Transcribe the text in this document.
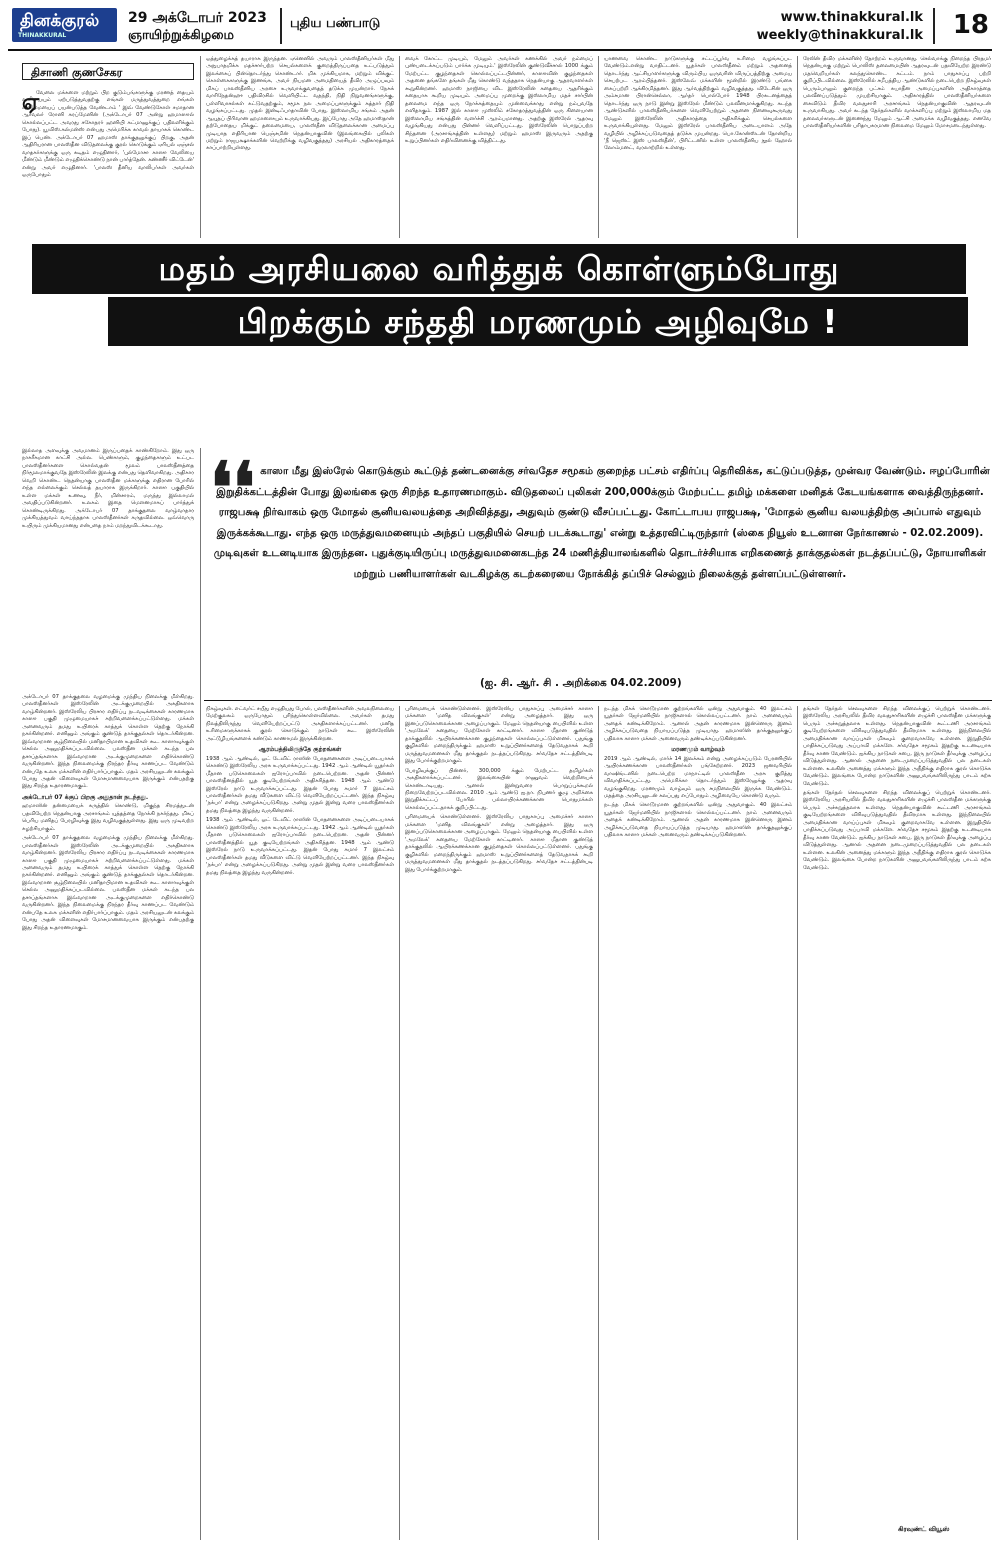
தினக்குரல்
THINAKKURAL
29 அக்டோபர் 2023
ஞாயிற்றுக்கிழமை
புதிய பண்பாடு	www.thinakkural.lk
weekly@thinakkural.lk 18
திசாணி குணசேகர
ஏ

வேலை மக்களை மற்றும் பிற குடும்பங்களுக்கு மரணத் தையும் வலியையும் ஏற்படுத்துவதற்கு எங்கள் மருத்துவத்துறை எங்கள் வலிமையைப் பயன்படுத்த வேண்டாம் ' இவ் வேண்டுகோள் சமாதான ஆர்வலர் ரோனி கரப்மேனின் (அக்டோபர் 07 அன்று ஹமாஸால் கொல்லப்பட்ட அவரது சகோதரர் ஹனியி கட்மானுக்குப் பதிலளிக்கும் போது). யூவிஸ்.கல்மன்ஸ் என்பது அமெரிக்க காவல் தாயாகக் கொண்ட இப் பெண். அக்டோபர் 07 ஹமாஸ் தாக்குதலுக்குப் பிறகு, அதன் ஆதிரியரான பாலஸ்தீன விடுதலைக்கு குரல் கொடுக்கும் ஏரியல் ஏஞ்சல் வாதகர்களுக்கு ஒரு கடிதம் எழுதினார், 'புல்மோசா காஸா வேலியை மீண்டும் மீண்டும் எழுதிக்கொண்டு நான் பார்த்தேன். கண்ணீர் விட்டேன்' என்று அவர் எழுதினார். 'பாலஸ் தீனிய வாலிபர்கள் அவர்கள் ஒருபோதும்

ஒத்துழைக்கத் தயாராக இருந்தன. ஏனெனில் அவரும் பாலஸ்தீனியர்கள் மீது அநுபாதமிக்க மதச்சார்பற்ற செயல்களைக் குறைத்திருப்பதை உட்படுத்தும் இலக்கைப் பின்தொடர்ந்து கொண்டார். மிக முக்கியமாக, மற்றும் விக்குட் கொள்கைகளுக்கு இணங்க, அவர் நியமன அமைதியைத் தீவிர அழுப்பவும் மிகப் பாலஸ்தீனிய அரசை உருவாக்குவதைத் தடுக்க முயன்றார். நேசுக் வாரிநேதன்ஹு பதிவிரசில் வெளியிட்ட வதந்தி, நிதி நிறுவனங்களுக்கு, பள்ளிவாசல்கள் கட்டுவதற்கும், சமூக நல அமைப்புகளுக்கும் கத்தார் நிதி வழங்கப்பட்டது. முதல் இன்டிஃபாதாவின் போது, இஸ்லாமிய சங்கம் அதன் ஆயுதப் பிரிவான ஹமாஸையும் உருவாக்கியது. இப்போது அதே ஹமாஸ்தான் தற்போதைய மிக்குட் தலைமையை, பாலஸ்தீன விடுதலைக்கான அமைப்பு முடியாத எதிரியான பெஞ்சமின் நெதன்யாகுவின் (இலங்கையில் புலிகள் மற்றும் ராஜபக்ஷாக்களின் வெற்றிக்கு வழிவகுத்தது) அரசியல் அதிகாரத்தைக் காப்பாற்றியுள்ளது.

வைக் கோட்ட முடியும், மேலும் அவர்கள் கணக்கில் அவர் நம்மைப் புண்படைக்கப்படும் பார்க்க முடியும்.' இஸ்ரேலின் குண்டுவீச்சால் 1000 க்கும் மேற்பட்ட குழந்தைகள் கொல்லப்பட்டபின்னர், காஸாவின் குழந்தைகள் அதனை தங்களே தங்கள் மீது கொண்டு வந்ததாக நெதன்யாகு ஆதரவாளர்கள் கூறுகின்றனர். ஹமாஸ் நாஜியை விட இஸ்ரேலின் கதையை ஆதரிக்கும் கதையாக கூறிய முடியும். அமைப்பு முறைக்கு இஸ்லாமிய மதச் சார்பின் தலைமை எந்த ஒரு நோக்கத்தையும் முன்வைக்காது என்று நம்புவதே எளிதாகும். 1987 இல் காஸா முஸ்லிம் சகோதரத்துவத்தின் ஒரு கிளையான இஸ்லாமிய சங்கத்தின் வளர்ச்சி ஆரம்பமானது. அதற்கு இஸ்ரேல் ஆதரவு வழங்கியது என்பது பின்னர் வெளிப்பட்டது. இஸ்ரேலின் பொறுப்பற்ற சிந்தனை (அரசாங்கத்தின் உள்ளது) மற்றும் ஹமாஸ் இருவரும் அதற்கு உறுப்பினர்கள் எதிர்வினைக்கு வித்திட்டது.

யாணவை கொண்ட நாடுகளுக்கு சட்டப்பூர்வ உரிமை வழங்கப்பட வேண்டும்.என்று வாதிட்டனர். யூதர்கள் பாலஸ்தீனம் மற்றும் அதனைத் தொடர்ந்து ஆட்சியாளர்களுக்கு விரும்பிய ஒருவரின் விருப்பத்திற்கு அமைய செயற்பட ஆரம்பித்தனர். இஸ்லேவ் மக்களின் மூன்றில் இரண்டு பங்கை கைப்பற்றி ஆக்கிரமித்தனர். இது ஆர்வத்திற்கும் வழிவகுத்தது. விடேசின் ஒரு அம்சமான பிரான்செல்லா, ஆர்தர் பொல்போர் 1948 பிரகடனத்தைத் தொடர்ந்து ஒரு நாடு இன்று இஸ்ரேல் மீண்டும் பலவீனமாக்குகிறது. கடந்த ஆண்டுகளில் பாலஸ்தீனியர்களை வெளியேற்றும் அதனை நினைவுகூருவது மேலும் இஸ்ரேலின் அதிகாரத்தை அதிகரிக்கும் செயல்களை உருவாக்கியுள்ளது. மேலும் இஸ்ரேல் பாலஸ்தீனிய அடையாளம் அதே வழியில் அழிக்கப்படுவதைத் தடுக்க முயன்றது. பொ.கோன்ஸ்டன் தோன்றிய 'நீ ஜெஸ்ட் இஸ் பாலஸ்தீன்', பிரிட்டனில் உள்ள பாலஸ்தீனிய நூல் ஹோல் லோம்மனட், வரலாற்றில் உள்ளது.

ரேலின் தீவிர மக்களின்) தோற்றம் உருவானது. செல்வாக்கு நிறைந்த பிரதமர் நெதன்யாகு மற்றும் பொலிஸ் தலைமையின் ஆதரவுடன் பதவியேற்ற இரண்டு மதவெறியர்கள் கலந்துகொண்ட கட்டம். நாம் பாதுகாப்பு பற்றி குறிப்பிடவில்லை. இஸ்ரேலில் சமீபத்திய ஆண்டுகளில் நடைபெற்ற நிகழ்வுகள் பெரும்பாலும் குறைந்த பட்சம் சுயாதீன அமைப்புகளின் அதிகாரத்தை பலவீனப்படுத்தும் முயற்சியாகும். அதிகாரத்தில் பாலஸ்தீனியர்களை கைவிடும் தீவிர வலதுசாரி அரசாங்கம் நெதன்யாகுவின் ஆதரவுடன் உருவாகியது. அவர் கடந்த தேர்தல்களில் வாக்களிப்பு மற்றும் இஸ்லாமிய மத தலைவர்களுடன் இணைந்து மேலும் ஆட்சி அமைக்க வழிவகுத்தது. எனவே பாலஸ்தீனியர்களின் பரிதாபகரமான நிலைமை மேலும் மோசமடைந்துள்ளது.

மதம் அரசியலை வரித்துக் கொள்ளும்போது
பிறக்கும் சந்ததி மரணமும் அழிவுமே !

இல்லாத அளவுக்கு அவமானம் இருப்பதைக் காண்கிறோம். இது ஒரு நாகரீகமான காட்சி அல்ல. பெண்களும், குழந்தைகளும் உட்பட பாலஸ்தீனர்களை கொல்வதன் மூலம் பாலஸ்தீனத்தை நிர்மூலமாக்குவதே இஸ்ரேலின் இலக்கு என்பது தெளிவாகிறது. அதிகார வெறி கொண்ட நெதன்யாகு பாலஸ்தீன மக்களுக்கு எதிரான போரில் எந்த எல்லைக்கும் செல்லத் தயாராக இருக்கிறார். காஸா பகுதியில் உள்ள மக்கள் உணவு, நீர், மின்சாரம், மருந்து இல்லாமல் அவதிப்படுகின்றனர். உலகம் இதை மௌனமாகப் பார்த்துக் கொண்டிருக்கிறது. அக்டோபர் 07 தாக்குதலை வாழ்வாதார முக்கியத்துவம் வாய்ந்ததாக பாலஸ்தீனர்கள் கருதவில்லை. ஒவ்வொரு உயிரும் முக்கியமானது என்பதை நாம் மறந்துவிடக்கூடாது. ❛❛ காஸா மீது இஸ்ரேல் கொடுக்கும் கூட்டுத் தண்டனைக்கு சர்வதேச சமூகம் குறைந்த பட்சம் எதிர்ப்பு தெரிவிக்க, கட்டுப்படுத்த, முன்வர வேண்டும். ஈழப்போரின் இறுதிக்கட்டத்தின் போது இலங்கை ஒரு சிறந்த உதாரணமாகும். விடுதலைப் புலிகள் 200,000க்கும் மேற்பட்ட தமிழ் மக்களை மனிதக் கேடயங்களாக வைத்திருந்தனர். ராஜபக்ஷ நிர்வாகம் ஒரு மோதல் சூனியவலயத்தை அறிவித்தது, அதுவும் குண்டு வீசப்பட்டது. கோட்டாபய ராஜபக்ஷ, 'மோதல் சூனிய வலயத்திற்கு அப்பால் எதுவும் இருக்கக்கூடாது. எந்த ஒரு மருத்துவமனையும் அந்தப் பகுதியில் செயற் படக்கூடாது' என்று உத்தரவிட்டிருந்தார் (ஸ்கை நியூஸ் உடனான நேர்காணல் - 02.02.2009). முடிவுகள் உடனடியாக இருந்தன. புதுக்குடியிருப்பு மருத்துவமனைகடந்த 24 மணித்தியாலங்களில் தொடர்ச்சியாக எறிகணைத் தாக்குதல்கள் நடத்தப்பட்டு, நோயாளிகள் மற்றும் பணியாளர்கள் வடகிழக்கு கடற்கரையை நோக்கித் தப்பிச் செல்லும் நிலைக்குத் தள்ளப்பட்டுள்ளனர்.
(ஐ. சி. ஆர். சி . அறிக்கை 04.02.2009)

அக்டோபர் 07 தாக்குதலை வழமைக்கு முந்திய நிலைக்கு மீள்கிறது. பாலஸ்தீனர்கள் இஸ்ரேலின் அடக்குமுறையில் அகதிகளாக வாழ்கின்றனர். இஸ்ரேலிய பிரசார எதிர்ப்பு நடவடிக்கைகள் காரணமாக காஸா பகுதி முழுமையாகச் சுற்றிவளைக்கப்பட்டுள்ளது. மக்கள் அனைவரும் தமது உயிரைக் காத்துக் கொள்ள தெற்கு நோக்கி நகர்கின்றனர். எனினும் அங்கும் குண்டுத் தாக்குதல்கள் தொடர்கின்றன. இவ்வாறான சூழ்நிலையில் மனிதாபிமான உதவிகள் கூட காஸாவுக்குள் செல்ல அனுமதிக்கப்படவில்லை. பலஸ்தீன மக்கள் கடந்த பல தசாப்தங்களாக இவ்வாறான அடக்குமுறைகளை எதிர்கொண்டு வருகின்றனர். இந்த நிலைமைக்கு நிரந்தர தீர்வு காணப்பட வேண்டும் என்பதே உலக மக்களின் எதிர்பார்ப்பாகும். மதம் அரசியலுடன் கலக்கும் போது அதன் விளைவுகள் மோசமானவையாக இருக்கும் என்பதற்கு இது சிறந்த உதாரணமாகும்.

அக்டோபர் 07 க்குப் பிறகு அதுதான் நடந்தது.

ஹமாஸின் தன்மையைக் கருத்தில் கொண்டு, மிகுந்த சிரமத்துடன் பதவியேற்ற நெதன்யாகு அரசாங்கம் யுத்தத்தை நோக்கி நகர்ந்தது. மிகப் பெரிய மனிதப் பேரழிவுக்கு இது வழிவகுத்துள்ளது. இது ஒரு முடிவற்ற சுழற்சியாகும்.

அக்டோபர் 07 தாக்குதலை வழமைக்கு முந்திய நிலைக்கு மீள்கிறது. பாலஸ்தீனர்கள் இஸ்ரேலின் அடக்குமுறையில் அகதிகளாக வாழ்கின்றனர். இஸ்ரேலிய பிரசார எதிர்ப்பு நடவடிக்கைகள் காரணமாக காஸா பகுதி முழுமையாகச் சுற்றிவளைக்கப்பட்டுள்ளது. மக்கள் அனைவரும் தமது உயிரைக் காத்துக் கொள்ள தெற்கு நோக்கி நகர்கின்றனர். எனினும் அங்கும் குண்டுத் தாக்குதல்கள் தொடர்கின்றன. இவ்வாறான சூழ்நிலையில் மனிதாபிமான உதவிகள் கூட காஸாவுக்குள் செல்ல அனுமதிக்கப்படவில்லை. பலஸ்தீன மக்கள் கடந்த பல தசாப்தங்களாக இவ்வாறான அடக்குமுறைகளை எதிர்கொண்டு வருகின்றனர். இந்த நிலைமைக்கு நிரந்தர தீர்வு காணப்பட வேண்டும் என்பதே உலக மக்களின் எதிர்பார்ப்பாகும். மதம் அரசியலுடன் கலக்கும் போது அதன் விளைவுகள் மோசமானவையாக இருக்கும் என்பதற்கு இது சிறந்த உதாரணமாகும்.

நிகழ்வுகள். எட்வர்ட் சயீது எழுதியது போல், பலஸ்தீனர்களின் அவலநிலையை மேற்குலகம் ஒருபோதும் புரிந்துகொள்ளவில்லை. அவர்கள் தமது நிலத்திலிருந்து வெளியேற்றப்பட்டு அகதிகளாக்கப்பட்டனர். மனித உரிமைகளுக்காகக் குரல் கொடுக்கும் நாடுகள் கூட இஸ்ரேலின் அட்டூழியங்களைக் கண்டும் காணாமல் இருக்கின்றன.

ஆரம்பத்திலிருந்தே குற்றங்கள்

1938 ஆம் ஆண்டில், ஓட் டேவிட் ராஸின் போதனைகளை அடிப்படையாகக் கொண்டு இஸ்ரேலிய அரசு உருவாக்கப்பட்டது. 1942 ஆம் ஆண்டில் யூதர்கள் மீதான படுகொலைகள் ஐரோப்பாவில் நடைபெற்றன. அதன் பின்னர் பாலஸ்தீனத்தில் யூத குடியேற்றங்கள் அதிகரித்தன. 1948 ஆம் ஆண்டு இஸ்ரேல் நாடு உருவாக்கப்பட்டது. இதன் போது சுமார் 7 இலட்சம் பாலஸ்தீனர்கள் தமது வீடுகளை விட்டு வெளியேற்றப்பட்டனர். இந்த நிகழ்வு 'நக்பா' என்று அழைக்கப்படுகிறது. அன்று முதல் இன்று வரை பாலஸ்தீனர்கள் தமது நிலத்தை இழந்து வருகின்றனர்.

1938 ஆம் ஆண்டில், ஓட் டேவிட் ராஸின் போதனைகளை அடிப்படையாகக் கொண்டு இஸ்ரேலிய அரசு உருவாக்கப்பட்டது. 1942 ஆம் ஆண்டில் யூதர்கள் மீதான படுகொலைகள் ஐரோப்பாவில் நடைபெற்றன. அதன் பின்னர் பாலஸ்தீனத்தில் யூத குடியேற்றங்கள் அதிகரித்தன. 1948 ஆம் ஆண்டு இஸ்ரேல் நாடு உருவாக்கப்பட்டது. இதன் போது சுமார் 7 இலட்சம் பாலஸ்தீனர்கள் தமது வீடுகளை விட்டு வெளியேற்றப்பட்டனர். இந்த நிகழ்வு 'நக்பா' என்று அழைக்கப்படுகிறது. அன்று முதல் இன்று வரை பாலஸ்தீனர்கள் தமது நிலத்தை இழந்து வருகின்றனர்.

புரிமையைக் கொண்டுள்ளனர். இஸ்ரேலிய பாதுகாப்பு அமைச்சர் காஸா மக்களை 'மனித விலங்குகள்' என்று அழைத்தார். இது ஒரு இனப்படுகொலைக்கான அழைப்பாகும். மேலும் நெதன்யாகு பைபிளில் உள்ள 'அமலேக்' கதையை மேற்கோள் காட்டினார். காஸா மீதான குண்டுத் தாக்குதலில் ஆயிரக்கணக்கான குழந்தைகள் கொல்லப்பட்டுள்ளனர். பதுங்கு குழிகளில் மறைந்திருக்கும் ஹமாஸ் உறுப்பினர்களைத் தேடுவதாகக் கூறி மருத்துவமனைகள் மீது தாக்குதல் நடத்தப்படுகிறது. சர்வதேச சட்டத்தின்படி இது போர்க்குற்றமாகும்.

பேரழிவுக்குப் பின்னர், 300,000 க்கும் மேற்பட்ட தமிழர்கள் அகதிகளாக்கப்பட்டனர். இலங்கையின் ராணுவம் வெற்றியைக் கொண்டாடியது. ஆனால் இன்றுவரை பொறுப்புக்கூறல் நிறைவேற்றப்படவில்லை. 2010 ஆம் ஆண்டு ஐ.நா. நிபுணர் குழு அறிக்கை இறுதிக்கட்டப் போரில் பல்லாயிரக்கணக்கான பொதுமக்கள் கொல்லப்பட்டதாகக் குறிப்பிட்டது.

புரிமையைக் கொண்டுள்ளனர். இஸ்ரேலிய பாதுகாப்பு அமைச்சர் காஸா மக்களை 'மனித விலங்குகள்' என்று அழைத்தார். இது ஒரு இனப்படுகொலைக்கான அழைப்பாகும். மேலும் நெதன்யாகு பைபிளில் உள்ள 'அமலேக்' கதையை மேற்கோள் காட்டினார். காஸா மீதான குண்டுத் தாக்குதலில் ஆயிரக்கணக்கான குழந்தைகள் கொல்லப்பட்டுள்ளனர். பதுங்கு குழிகளில் மறைந்திருக்கும் ஹமாஸ் உறுப்பினர்களைத் தேடுவதாகக் கூறி மருத்துவமனைகள் மீது தாக்குதல் நடத்தப்படுகிறது. சர்வதேச சட்டத்தின்படி இது போர்க்குற்றமாகும்.

நடந்த மிகக் கொடூரமான குற்றங்களில் ஒன்று அதுவாகும். 40 இலட்சம் யூதர்கள் ஜேர்மனியில் நாஜிகளால் கொல்லப்பட்டனர். நாம் அனைவரும் அதைக் கண்டிக்கிறோம். ஆனால் அதன் காரணமாக இன்னொரு இனம் அழிக்கப்படுவதை நியாயப்படுத்த முடியாது. ஹமாஸின் தாக்குதலுக்குப் பதிலாக காஸா மக்கள் அனைவரும் தண்டிக்கப்படுகின்றனர்.

மரணமும் வாழ்வும்

2019 ஆம் ஆண்டில், மார்ச் 14 இலக்கம் என்று அழைக்கப்படும் பேரணியில் ஆயிரக்கணக்கான பாலஸ்தீனர்கள் பங்கேற்றனர். 2023 ஜனவரியில் வாஷிங்டனில் நடைபெற்ற மாநாட்டில் பாலஸ்தீன அரசு குறித்து விவாதிக்கப்பட்டது. அமெரிக்கா தொடர்ந்தும் இஸ்ரேலுக்கு ஆதரவு வழங்குகிறது. மரணமும் வாழ்வும் ஒரு சமநிலையில் இருக்க வேண்டும். மதத்தை அரசியலுடன் கலப்பது எப்போதும் அழிவையே கொண்டு வரும்.

நடந்த மிகக் கொடூரமான குற்றங்களில் ஒன்று அதுவாகும். 40 இலட்சம் யூதர்கள் ஜேர்மனியில் நாஜிகளால் கொல்லப்பட்டனர். நாம் அனைவரும் அதைக் கண்டிக்கிறோம். ஆனால் அதன் காரணமாக இன்னொரு இனம் அழிக்கப்படுவதை நியாயப்படுத்த முடியாது. ஹமாஸின் தாக்குதலுக்குப் பதிலாக காஸா மக்கள் அனைவரும் தண்டிக்கப்படுகின்றனர்.

தங்கள் தேர்தல் செலவுகளை சிறந்த விலைக்குப் பெற்றுக் கொண்டனர். இஸ்ரேலிய அரசியலில் தீவிர வலதுசாரிகளின் எழுச்சி பாலஸ்தீன மக்களுக்கு பெரும் அச்சுறுத்தலாக உள்ளது. நெதன்யாகுவின் கூட்டணி அரசாங்கம் குடியேற்றங்களை விரிவுபடுத்துவதில் தீவிரமாக உள்ளது. இந்நிலையில் அமைதிக்கான வாய்ப்புகள் மிகவும் குறைவாகவே உள்ளன. இறுதியில் பாதிக்கப்படுவது அப்பாவி மக்களே. சர்வதேச சமூகம் இதற்கு உடனடியாக தீர்வு காண வேண்டும். ஐக்கிய நாடுகள் சபை, இரு நாடுகள் தீர்வுக்கு அழைப்பு விடுத்துள்ளது. ஆனால் அதனை நடைமுறைப்படுத்துவதில் பல தடைகள் உள்ளன. உலகின் அனைத்து மக்களும் இந்த அநீதிக்கு எதிராக குரல் கொடுக்க வேண்டும். இலங்கை போன்ற நாடுகளின் அனுபவங்களிலிருந்து பாடம் கற்க வேண்டும்.

தங்கள் தேர்தல் செலவுகளை சிறந்த விலைக்குப் பெற்றுக் கொண்டனர். இஸ்ரேலிய அரசியலில் தீவிர வலதுசாரிகளின் எழுச்சி பாலஸ்தீன மக்களுக்கு பெரும் அச்சுறுத்தலாக உள்ளது. நெதன்யாகுவின் கூட்டணி அரசாங்கம் குடியேற்றங்களை விரிவுபடுத்துவதில் தீவிரமாக உள்ளது. இந்நிலையில் அமைதிக்கான வாய்ப்புகள் மிகவும் குறைவாகவே உள்ளன. இறுதியில் பாதிக்கப்படுவது அப்பாவி மக்களே. சர்வதேச சமூகம் இதற்கு உடனடியாக தீர்வு காண வேண்டும். ஐக்கிய நாடுகள் சபை, இரு நாடுகள் தீர்வுக்கு அழைப்பு விடுத்துள்ளது. ஆனால் அதனை நடைமுறைப்படுத்துவதில் பல தடைகள் உள்ளன. உலகின் அனைத்து மக்களும் இந்த அநீதிக்கு எதிராக குரல் கொடுக்க வேண்டும். இலங்கை போன்ற நாடுகளின் அனுபவங்களிலிருந்து பாடம் கற்க வேண்டும்.

கிரவுண்ட் வியூஸ்
